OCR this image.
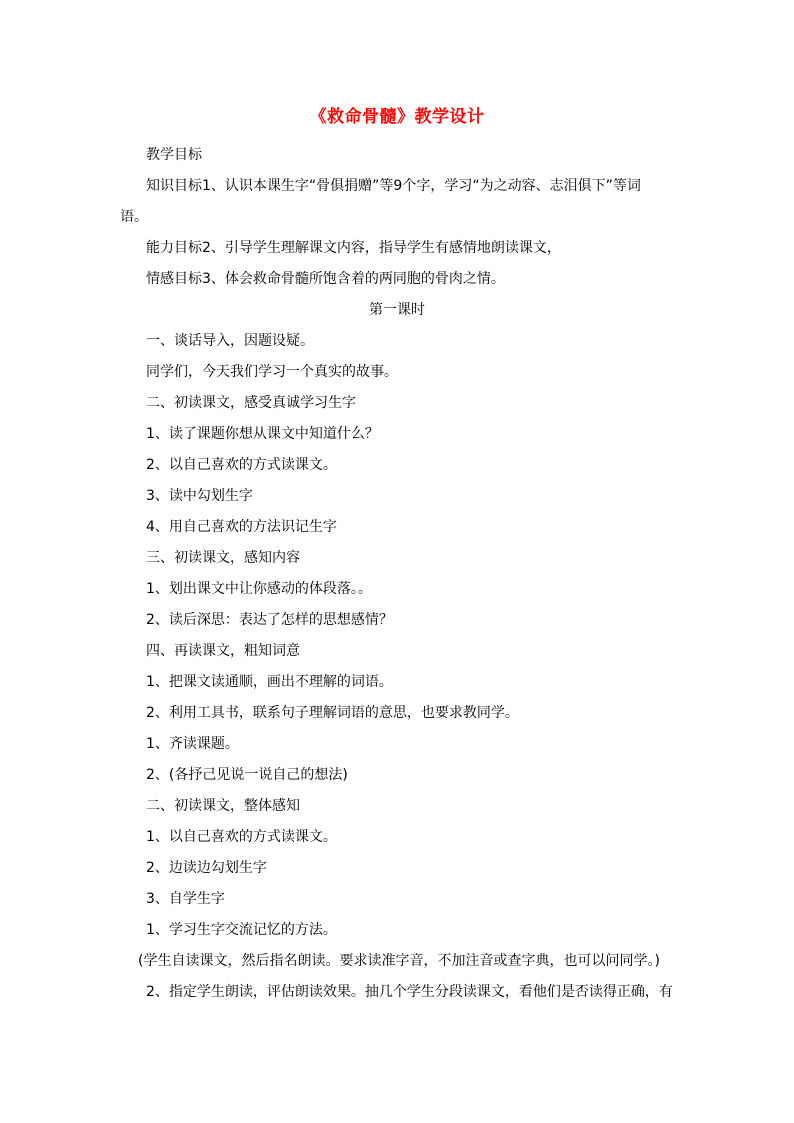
《救命骨髓》教学设计
教学目标
知识目标1、认识本课生字“骨俱捐赠”等9个字，学习“为之动容、志泪俱下”等词
语。
能力目标2、引导学生理解课文内容，指导学生有感情地朗读课文，
情感目标3、体会救命骨髓所饱含着的两同胞的骨肉之情。
第一课时
一、谈话导入，因题设疑。
同学们，今天我们学习一个真实的故事。
二、初读课文，感受真诚学习生字
1、读了课题你想从课文中知道什么？
2、以自己喜欢的方式读课文。
3、读中勾划生字
4、用自己喜欢的方法识记生字
三、初读课文，感知内容
1、划出课文中让你感动的体段落。。
2、读后深思：表达了怎样的思想感情？
四、再读课文，粗知词意
1、把课文读通顺，画出不理解的词语。
2、利用工具书，联系句子理解词语的意思，也要求教同学。
1、齐读课题。
2、(各抒己见说一说自己的想法)
二、初读课文，整体感知
1、以自己喜欢的方式读课文。
2、边读边勾划生字
3、自学生字
1、学习生字交流记忆的方法。
(学生自读课文，然后指名朗读。要求读准字音，不加注音或查字典，也可以问同学。)
2、指定学生朗读，评估朗读效果。抽几个学生分段读课文，看他们是否读得正确，有
